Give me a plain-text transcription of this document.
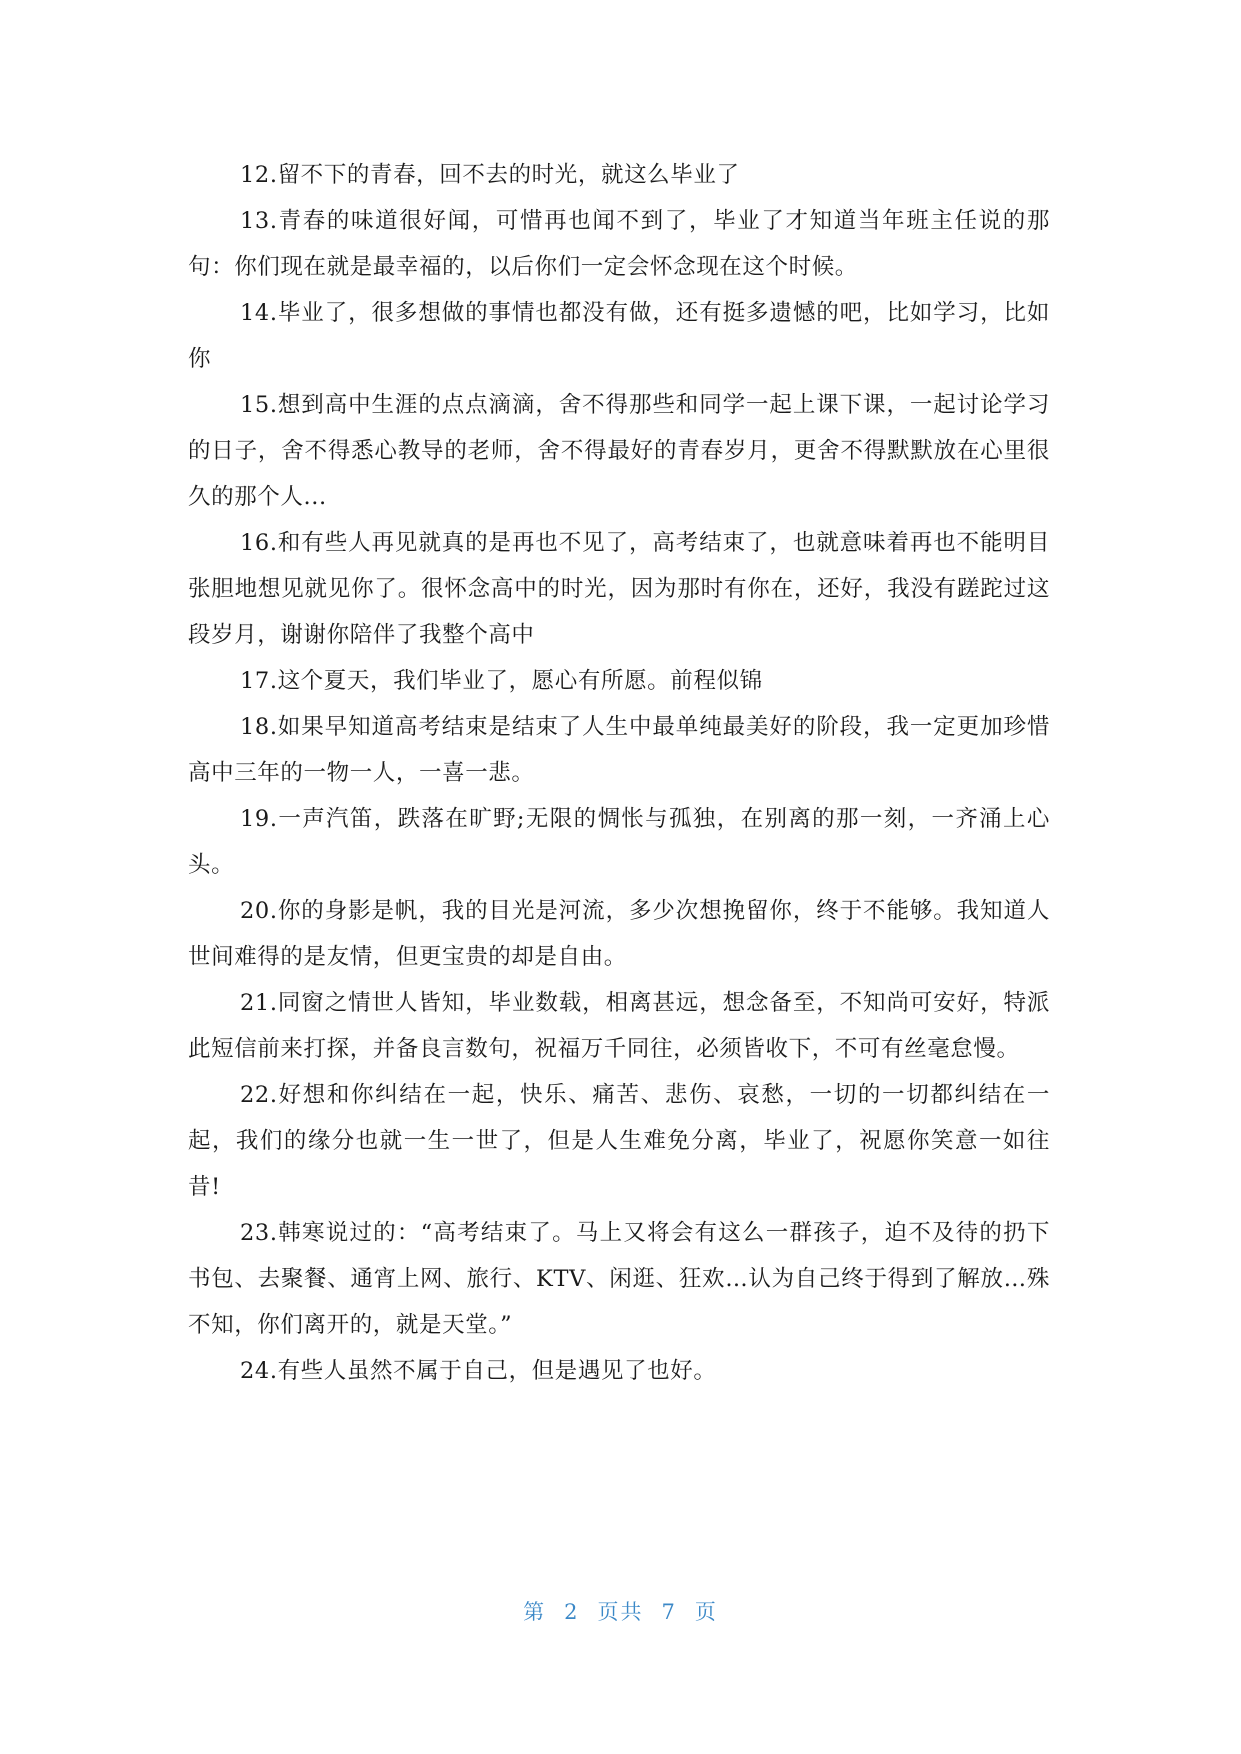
12.留不下的青春，回不去的时光，就这么毕业了

13.青春的味道很好闻，可惜再也闻不到了，毕业了才知道当年班主任说的那句：你们现在就是最幸福的，以后你们一定会怀念现在这个时候。

14.毕业了，很多想做的事情也都没有做，还有挺多遗憾的吧，比如学习，比如你

15.想到高中生涯的点点滴滴，舍不得那些和同学一起上课下课，一起讨论学习的日子，舍不得悉心教导的老师，舍不得最好的青春岁月，更舍不得默默放在心里很久的那个人...

16.和有些人再见就真的是再也不见了，高考结束了，也就意味着再也不能明目张胆地想见就见你了。很怀念高中的时光，因为那时有你在，还好，我没有蹉跎过这段岁月，谢谢你陪伴了我整个高中

17.这个夏天，我们毕业了，愿心有所愿。前程似锦

18.如果早知道高考结束是结束了人生中最单纯最美好的阶段，我一定更加珍惜高中三年的一物一人，一喜一悲。

19.一声汽笛，跌落在旷野;无限的惆怅与孤独，在别离的那一刻，一齐涌上心头。

20.你的身影是帆，我的目光是河流，多少次想挽留你，终于不能够。我知道人世间难得的是友情，但更宝贵的却是自由。

21.同窗之情世人皆知，毕业数载，相离甚远，想念备至，不知尚可安好，特派此短信前来打探，并备良言数句，祝福万千同往，必须皆收下，不可有丝毫怠慢。

22.好想和你纠结在一起，快乐、痛苦、悲伤、哀愁，一切的一切都纠结在一起，我们的缘分也就一生一世了，但是人生难免分离，毕业了，祝愿你笑意一如往昔!

23.韩寒说过的：“高考结束了。马上又将会有这么一群孩子，迫不及待的扔下书包、去聚餐、通宵上网、旅行、KTV、闲逛、狂欢…认为自己终于得到了解放…殊不知，你们离开的，就是天堂。”

24.有些人虽然不属于自己，但是遇见了也好。

第 2 页共 7 页
